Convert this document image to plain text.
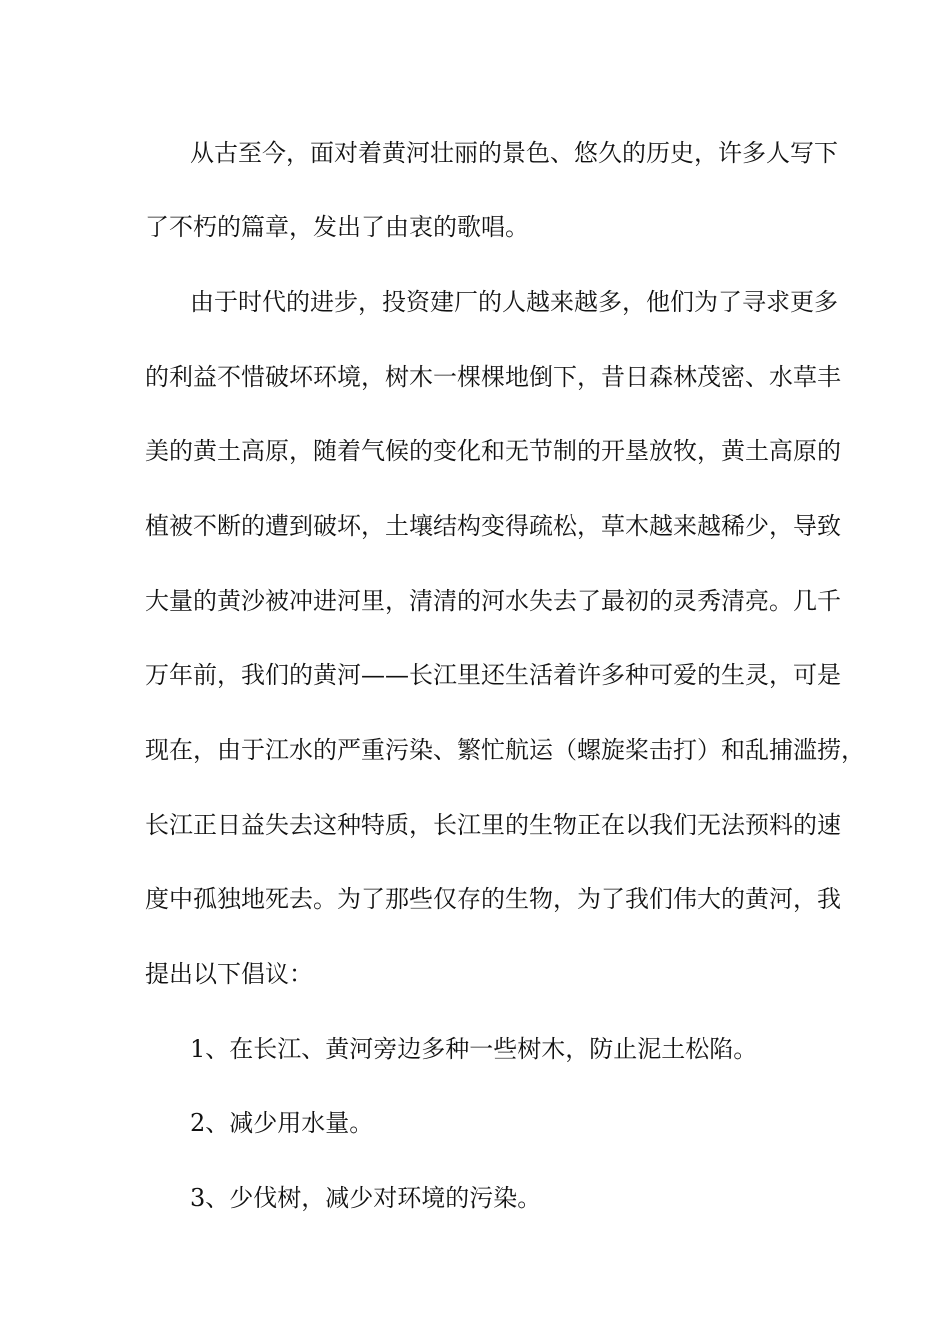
从古至今，面对着黄河壮丽的景色、悠久的历史，许多人写下
了不朽的篇章，发出了由衷的歌唱。
由于时代的进步，投资建厂的人越来越多，他们为了寻求更多
的利益不惜破坏环境，树木一棵棵地倒下，昔日森林茂密、水草丰
美的黄土高原，随着气候的变化和无节制的开垦放牧，黄土高原的
植被不断的遭到破坏，土壤结构变得疏松，草木越来越稀少，导致
大量的黄沙被冲进河里，清清的河水失去了最初的灵秀清亮。几千
万年前，我们的黄河——长江里还生活着许多种可爱的生灵，可是
现在，由于江水的严重污染、繁忙航运（螺旋桨击打）和乱捕滥捞，
长江正日益失去这种特质，长江里的生物正在以我们无法预料的速
度中孤独地死去。为了那些仅存的生物，为了我们伟大的黄河，我
提出以下倡议：
1、在长江、黄河旁边多种一些树木，防止泥土松陷。
2、减少用水量。
3、少伐树，减少对环境的污染。
